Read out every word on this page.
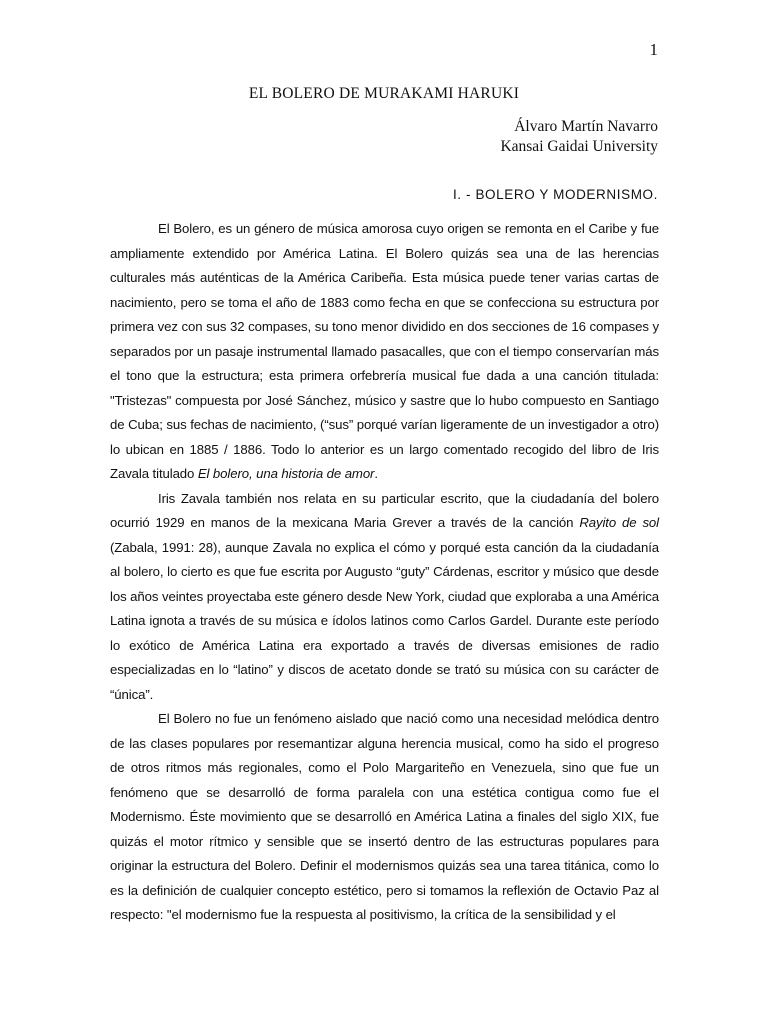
1
EL BOLERO DE MURAKAMI HARUKI
Álvaro Martín Navarro
Kansai Gaidai University
I. - BOLERO Y MODERNISMO.

El Bolero, es un género de música amorosa cuyo origen se remonta en el Caribe y fue ampliamente extendido por América Latina. El Bolero quizás sea una de las herencias culturales más auténticas de la América Caribeña. Esta música puede tener varias cartas de nacimiento, pero se toma el año de 1883 como fecha en que se confecciona su estructura por primera vez con sus 32 compases, su tono menor dividido en dos secciones de 16 compases y separados por un pasaje instrumental llamado pasacalles, que con el tiempo conservarían más el tono que la estructura; esta primera orfebrería musical fue dada a una canción titulada: "Tristezas" compuesta por José Sánchez, músico y sastre que lo hubo compuesto en Santiago de Cuba; sus fechas de nacimiento, (“sus” porqué varían ligeramente de un investigador a otro) lo ubican en 1885 / 1886. Todo lo anterior es un largo comentado recogido del libro de Iris Zavala titulado El bolero, una historia de amor.

Iris Zavala también nos relata en su particular escrito, que la ciudadanía del bolero ocurrió 1929 en manos de la mexicana Maria Grever a través de la canción Rayito de sol (Zabala, 1991: 28), aunque Zavala no explica el cómo y porqué esta canción da la ciudadanía al bolero, lo cierto es que fue escrita por Augusto “guty” Cárdenas, escritor y músico que desde los años veintes proyectaba este género desde New York, ciudad que exploraba a una América Latina ignota a través de su música e ídolos latinos como Carlos Gardel. Durante este período lo exótico de América Latina era exportado a través de diversas emisiones de radio especializadas en lo “latino” y discos de acetato donde se trató su música con su carácter de “única”.

El Bolero no fue un fenómeno aislado que nació como una necesidad melódica dentro de las clases populares por resemantizar alguna herencia musical, como ha sido el progreso de otros ritmos más regionales, como el Polo Margariteño en Venezuela, sino que fue un fenómeno que se desarrolló de forma paralela con una estética contigua como fue el Modernismo. Éste movimiento que se desarrolló en América Latina a finales del siglo XIX, fue quizás el motor rítmico y sensible que se insertó dentro de las estructuras populares para originar la estructura del Bolero. Definir el modernismos quizás sea una tarea titánica, como lo es la definición de cualquier concepto estético, pero si tomamos la reflexión de Octavio Paz al respecto: "el modernismo fue la respuesta al positivismo, la crítica de la sensibilidad y el
